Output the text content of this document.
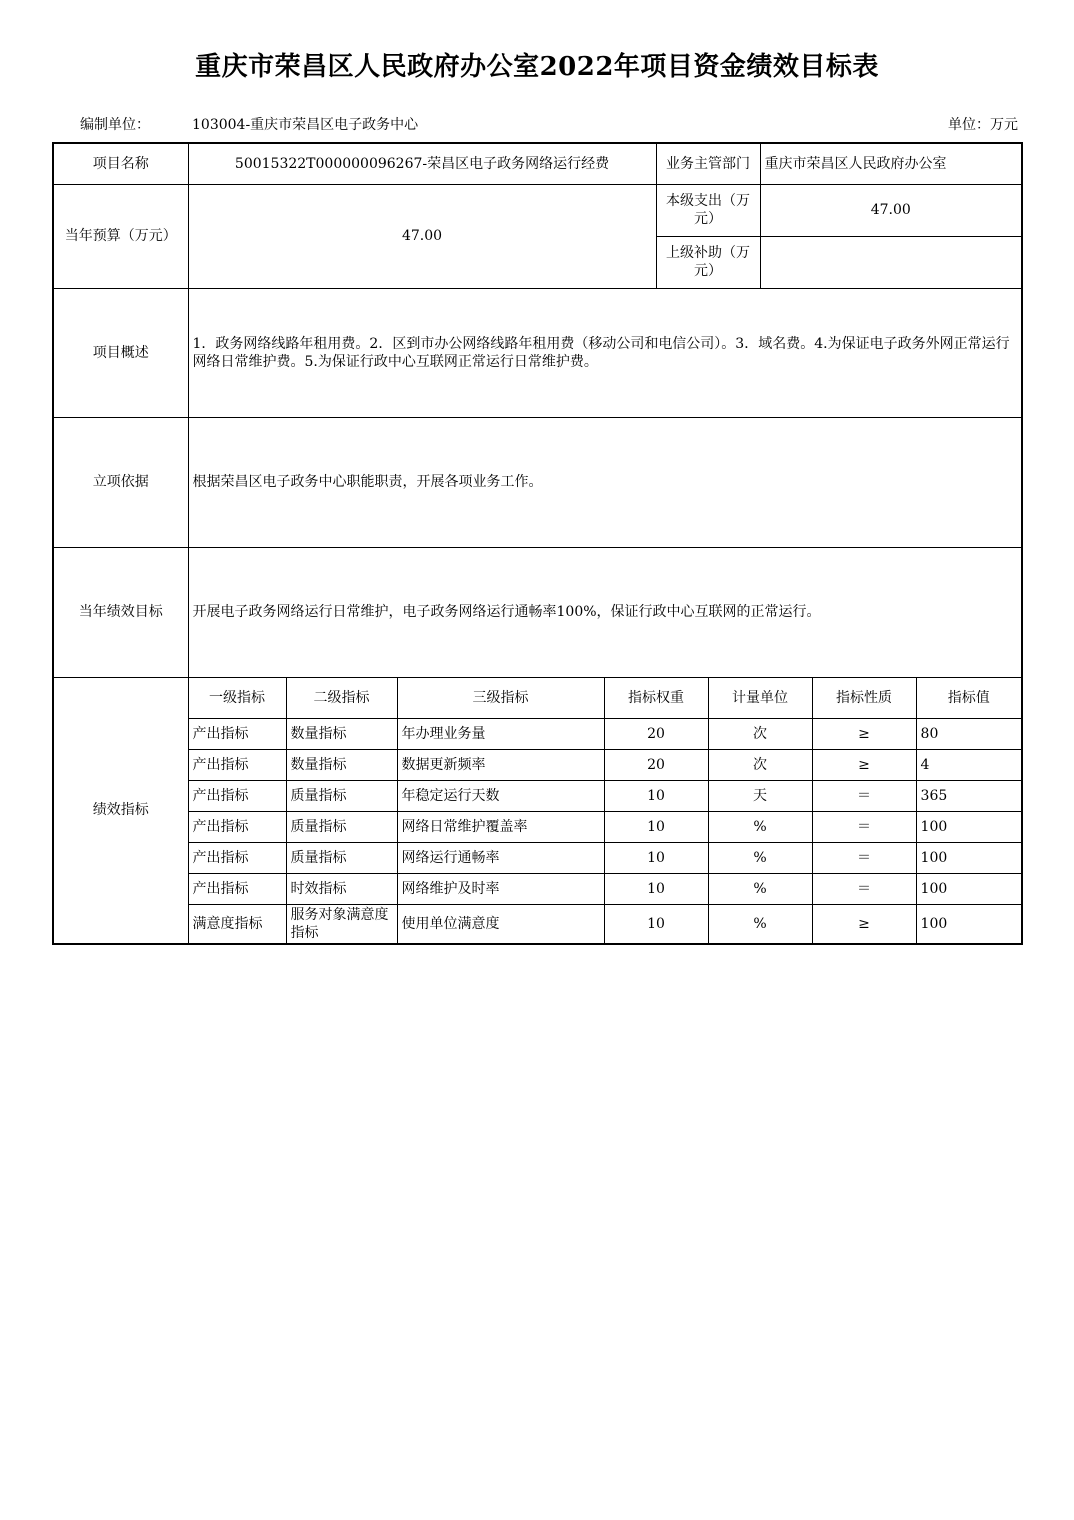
重庆市荣昌区人民政府办公室2022年项目资金绩效目标表
编制单位：	103004-重庆市荣昌区电子政务中心	单位：万元
项目名称	50015322T000000096267-荣昌区电子政务网络运行经费				业务主管部门		重庆市荣昌区人民政府办公室		
当年预算（万元）	47.00				本级支出（万元）		47.00		
					上级补助（万元）				
项目概述	1．政务网络线路年租用费。2．区到市办公网络线路年租用费（移动公司和电信公司）。3．域名费。4.为保证电子政务外网正常运行网络日常维护费。5.为保证行政中心互联网正常运行日常维护费。								
立项依据	根据荣昌区电子政务中心职能职责，开展各项业务工作。								
当年绩效目标	开展电子政务网络运行日常维护，电子政务网络运行通畅率100%，保证行政中心互联网的正常运行。								
绩效指标	一级指标	二级指标	三级指标	指标权重		计量单位		指标性质	指标值
	产出指标	数量指标	年办理业务量	20		次		≥	80
	产出指标	数量指标	数据更新频率	20		次		≥	4
	产出指标	质量指标	年稳定运行天数	10		天		＝	365
	产出指标	质量指标	网络日常维护覆盖率	10		%		＝	100
	产出指标	质量指标	网络运行通畅率	10		%		＝	100
	产出指标	时效指标	网络维护及时率	10		%		＝	100
	满意度指标	服务对象满意度指标	使用单位满意度	10		%		≥	100
